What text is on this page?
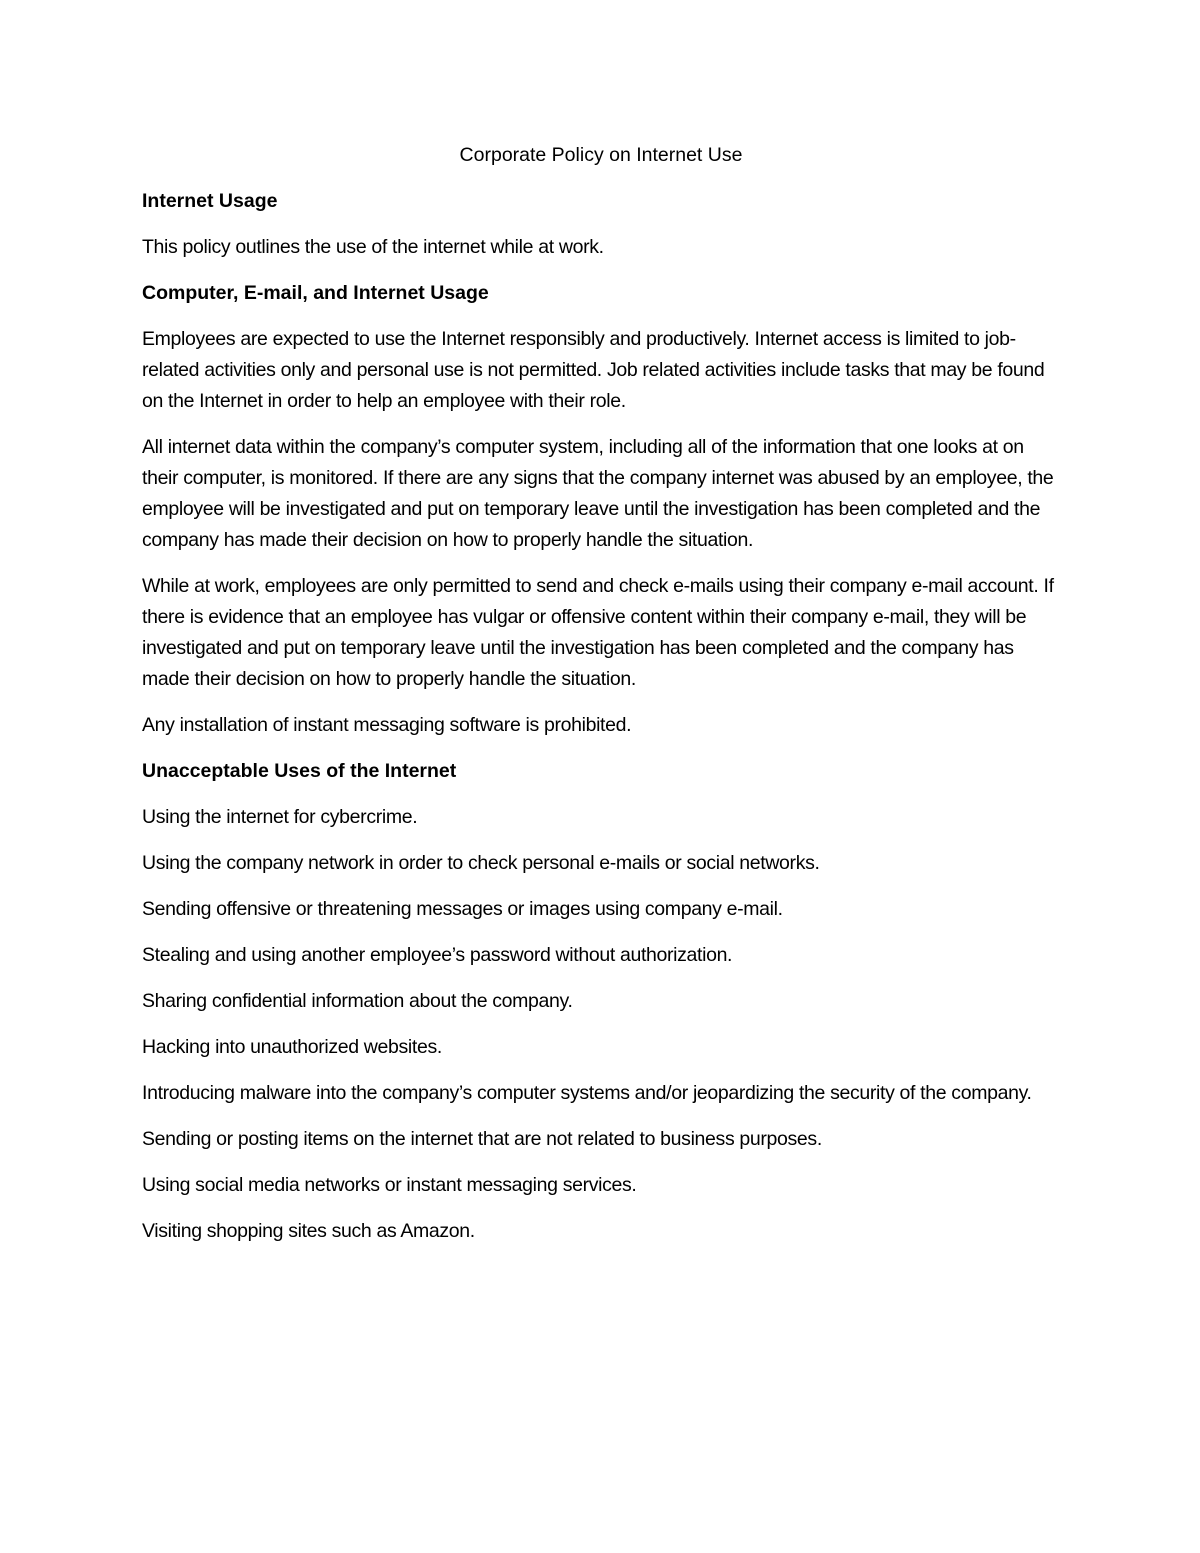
Corporate Policy on Internet Use
Internet Usage
This policy outlines the use of the internet while at work.
Computer, E-mail, and Internet Usage
Employees are expected to use the Internet responsibly and productively. Internet access is limited to job-related activities only and personal use is not permitted. Job related activities include tasks that may be found on the Internet in order to help an employee with their role.
All internet data within the company’s computer system, including all of the information that one looks at on their computer, is monitored. If there are any signs that the company internet was abused by an employee, the employee will be investigated and put on temporary leave until the investigation has been completed and the company has made their decision on how to properly handle the situation.
While at work, employees are only permitted to send and check e-mails using their company e-mail account. If there is evidence that an employee has vulgar or offensive content within their company e-mail, they will be investigated and put on temporary leave until the investigation has been completed and the company has made their decision on how to properly handle the situation.
Any installation of instant messaging software is prohibited.
Unacceptable Uses of the Internet
Using the internet for cybercrime.
Using the company network in order to check personal e-mails or social networks.
Sending offensive or threatening messages or images using company e-mail.
Stealing and using another employee’s password without authorization.
Sharing confidential information about the company.
Hacking into unauthorized websites.
Introducing malware into the company’s computer systems and/or jeopardizing the security of the company.
Sending or posting items on the internet that are not related to business purposes.
Using social media networks or instant messaging services.
Visiting shopping sites such as Amazon.
